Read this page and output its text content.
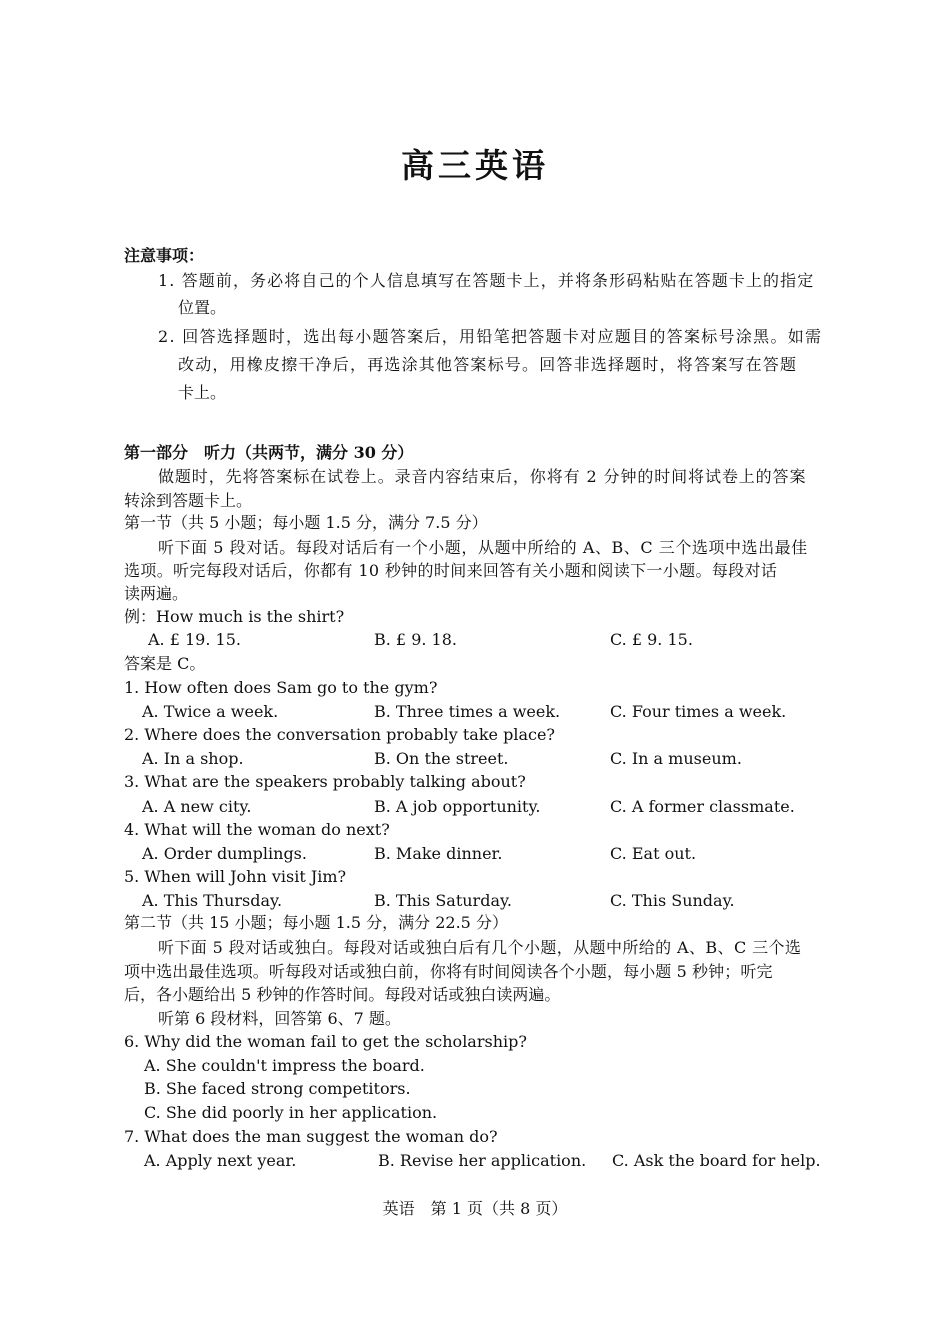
高三英语
注意事项：
1. 答题前，务必将自己的个人信息填写在答题卡上，并将条形码粘贴在答题卡上的指定
位置。
2. 回答选择题时，选出每小题答案后，用铅笔把答题卡对应题目的答案标号涂黑。如需
改动，用橡皮擦干净后，再选涂其他答案标号。回答非选择题时，将答案写在答题
卡上。
第一部分　听力（共两节，满分 30 分）
做题时，先将答案标在试卷上。录音内容结束后，你将有 2 分钟的时间将试卷上的答案
转涂到答题卡上。
第一节（共 5 小题；每小题 1.5 分，满分 7.5 分）
听下面 5 段对话。每段对话后有一个小题，从题中所给的 A、B、C 三个选项中选出最佳
选项。听完每段对话后，你都有 10 秒钟的时间来回答有关小题和阅读下一小题。每段对话
读两遍。
例：How much is the shirt?
A. £ 19. 15.	B. £ 9. 18.	C. £ 9. 15.
答案是 C。
1. How often does Sam go to the gym?
A. Twice a week.	B. Three times a week.	C. Four times a week.
2. Where does the conversation probably take place?
A. In a shop.	B. On the street.	C. In a museum.
3. What are the speakers probably talking about?
A. A new city.	B. A job opportunity.	C. A former classmate.
4. What will the woman do next?
A. Order dumplings.	B. Make dinner.	C. Eat out.
5. When will John visit Jim?
A. This Thursday.	B. This Saturday.	C. This Sunday.
第二节（共 15 小题；每小题 1.5 分，满分 22.5 分）
听下面 5 段对话或独白。每段对话或独白后有几个小题，从题中所给的 A、B、C 三个选
项中选出最佳选项。听每段对话或独白前，你将有时间阅读各个小题，每小题 5 秒钟；听完
后，各小题给出 5 秒钟的作答时间。每段对话或独白读两遍。
听第 6 段材料，回答第 6、7 题。
6. Why did the woman fail to get the scholarship?
A. She couldn't impress the board.
B. She faced strong competitors.
C. She did poorly in her application.
7. What does the man suggest the woman do?
A. Apply next year.	B. Revise her application. C. Ask the board for help.
英语　第 1 页（共 8 页）
